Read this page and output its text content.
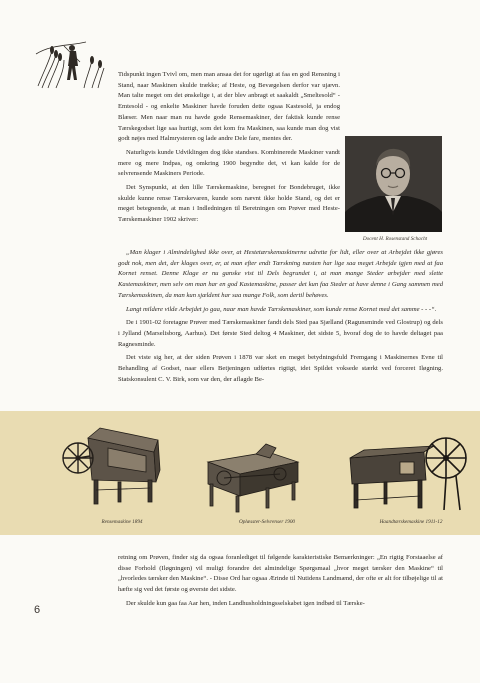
Tidspunkt ingen Tvivl om, men man ansaa det for ugørligt at faa en god Rensning i Stand, naar Maskinen skulde trække; af Heste, og Bevægelsen derfor var ujævn. Man talte meget om det ønskelige i, at der blev anbragt et saakaldt „Smeltesold“ - Emtesold - og enkelte Maskiner havde foruden dette ogsaa Kastesold, ja endog Blæser. Men naar man nu havde gode Rensemaskiner, der faktisk kunde rense Tærskegodset lige saa hurtigt, som det kom fra Maskinen, saa kunde man dog vist godt nøjes med Halmrysteren og lade andre Dele fare, mentes der.

Naturligvis kunde Udviklingen dog ikke standses. Kombinerede Maskiner vandt mere og mere Indpas, og omkring 1900 begyndte det, vi kan kalde for de selvrensende Maskiners Periode.

Det Synspunkt, at den lille Tærskemaskine, beregnet for Bondebruget, ikke skulde kunne rense Tærskevaren, kunde som nævnt ikke holde Stand, og det er meget betegnende, at man i Indledningen til Beretningen om Prøver med Heste-Tærskemaskiner 1902 skriver:

Docent H. Rosenstand Schacht

„Man klager i Almindelighed ikke over, at Hestetærskemaskinerne udrette for lidt, eller over at Arbejdet ikke gjøres godt nok, men det, der klages over, er, at man efter endt Tærskning næsten har lige saa meget Arbejde igjen med at faa Kornet renset. Denne Klage er nu ganske vist til Dels begrundet i, at man mange Steder arbejder med slette Kastemaskiner, men selv om man har en god Kastemaskine, passer det kun faa Steder at have denne i Gang sammen med Tærskemaskinen, da man kun sjældent har saa mange Folk, som dertil behøves.

Langt mildere vilde Arbejdet jo gaa, naar man havde Tærskemaskiner, som kunde rense Kornet med det samme - - -“.

De i 1901-02 foretagne Prøver med Tærskemaskiner fandt dels Sted paa Sjælland (Ragunsminde ved Glostrup) og dels i Jylland (Marselisborg, Aarhus). Det første Sted deltog 4 Maskiner, det sidste 5, hvoraf dog de to havde deltaget paa Ragnesminde.

Det viste sig her, at der siden Prøven i 1878 var sket en meget betydningsfuld Fremgang i Maskinernes Evne til Behandling af Godset, naar ellers Betjeningen udførtes rigtigt, idet Spildet voksede stærkt ved forceret Iløgning. Statskonsulent C. V. Birk, som var den, der aflagde Be-

Rensemaskine 1894	Oplæsster-Selvrenser 1900	Haandtærskemaskine 1911-12

retning om Prøven, finder sig da ogsaa foranlediget til følgende karakteristiske Bemærkninger: „En rigtig Forstaaelse af disse Forhold (Iløgningen) vil muligt forandre det almindelige Spørgsmaal „hvor meget tærsker den Maskine“ til „hvorledes tærsker den Maskine“. - Disse Ord har ogsaa Ærinde til Nutidens Landmænd, der ofte er alt for tilbøjelige til at hæfte sig ved det første og øverste det sidste.

Der skulde kun gaa faa Aar hen, inden Landhusholdningsselskabet igen indbød til Tærske-

6
